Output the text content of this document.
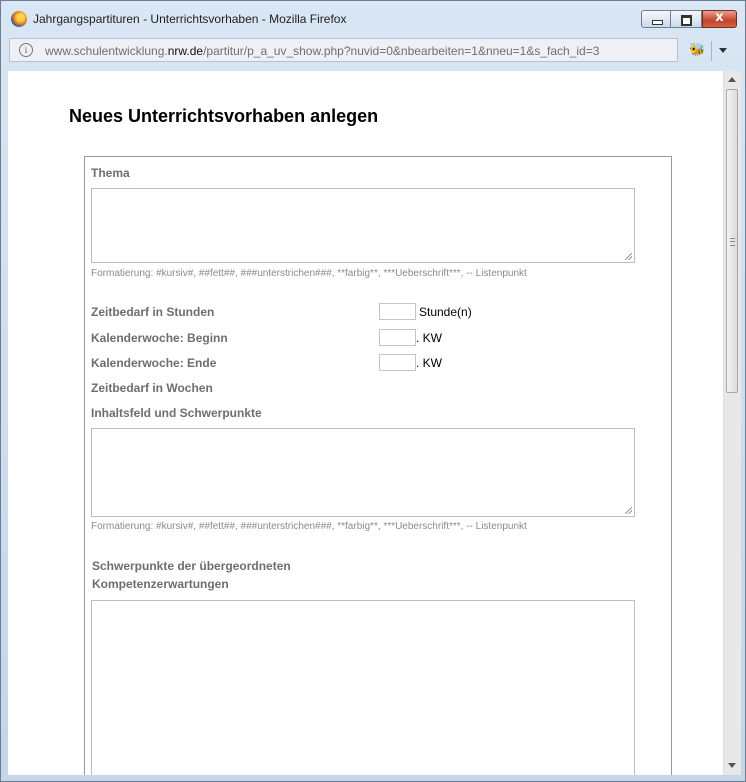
Jahrgangspartituren - Unterrichtsvorhaben - Mozilla Firefox	x
i	www.schulentwicklung.nrw.de/partitur/p_a_uv_show.php?nuvid=0&nbearbeiten=1&nneu=1&s_fach_id=3	🐝
Neues Unterrichtsvorhaben anlegen
Thema
Formatierung: #kursiv#, ##fett##, ###unterstrichen###, **farbig**, ***Ueberschrift***, -- Listenpunkt
Zeitbedarf in Stunden	Stunde(n)
Kalenderwoche: Beginn	. KW
Kalenderwoche: Ende	. KW
Zeitbedarf in Wochen
Inhaltsfeld und Schwerpunkte
Formatierung: #kursiv#, ##fett##, ###unterstrichen###, **farbig**, ***Ueberschrift***, -- Listenpunkt
Schwerpunkte der übergeordneten
Kompetenzerwartungen
